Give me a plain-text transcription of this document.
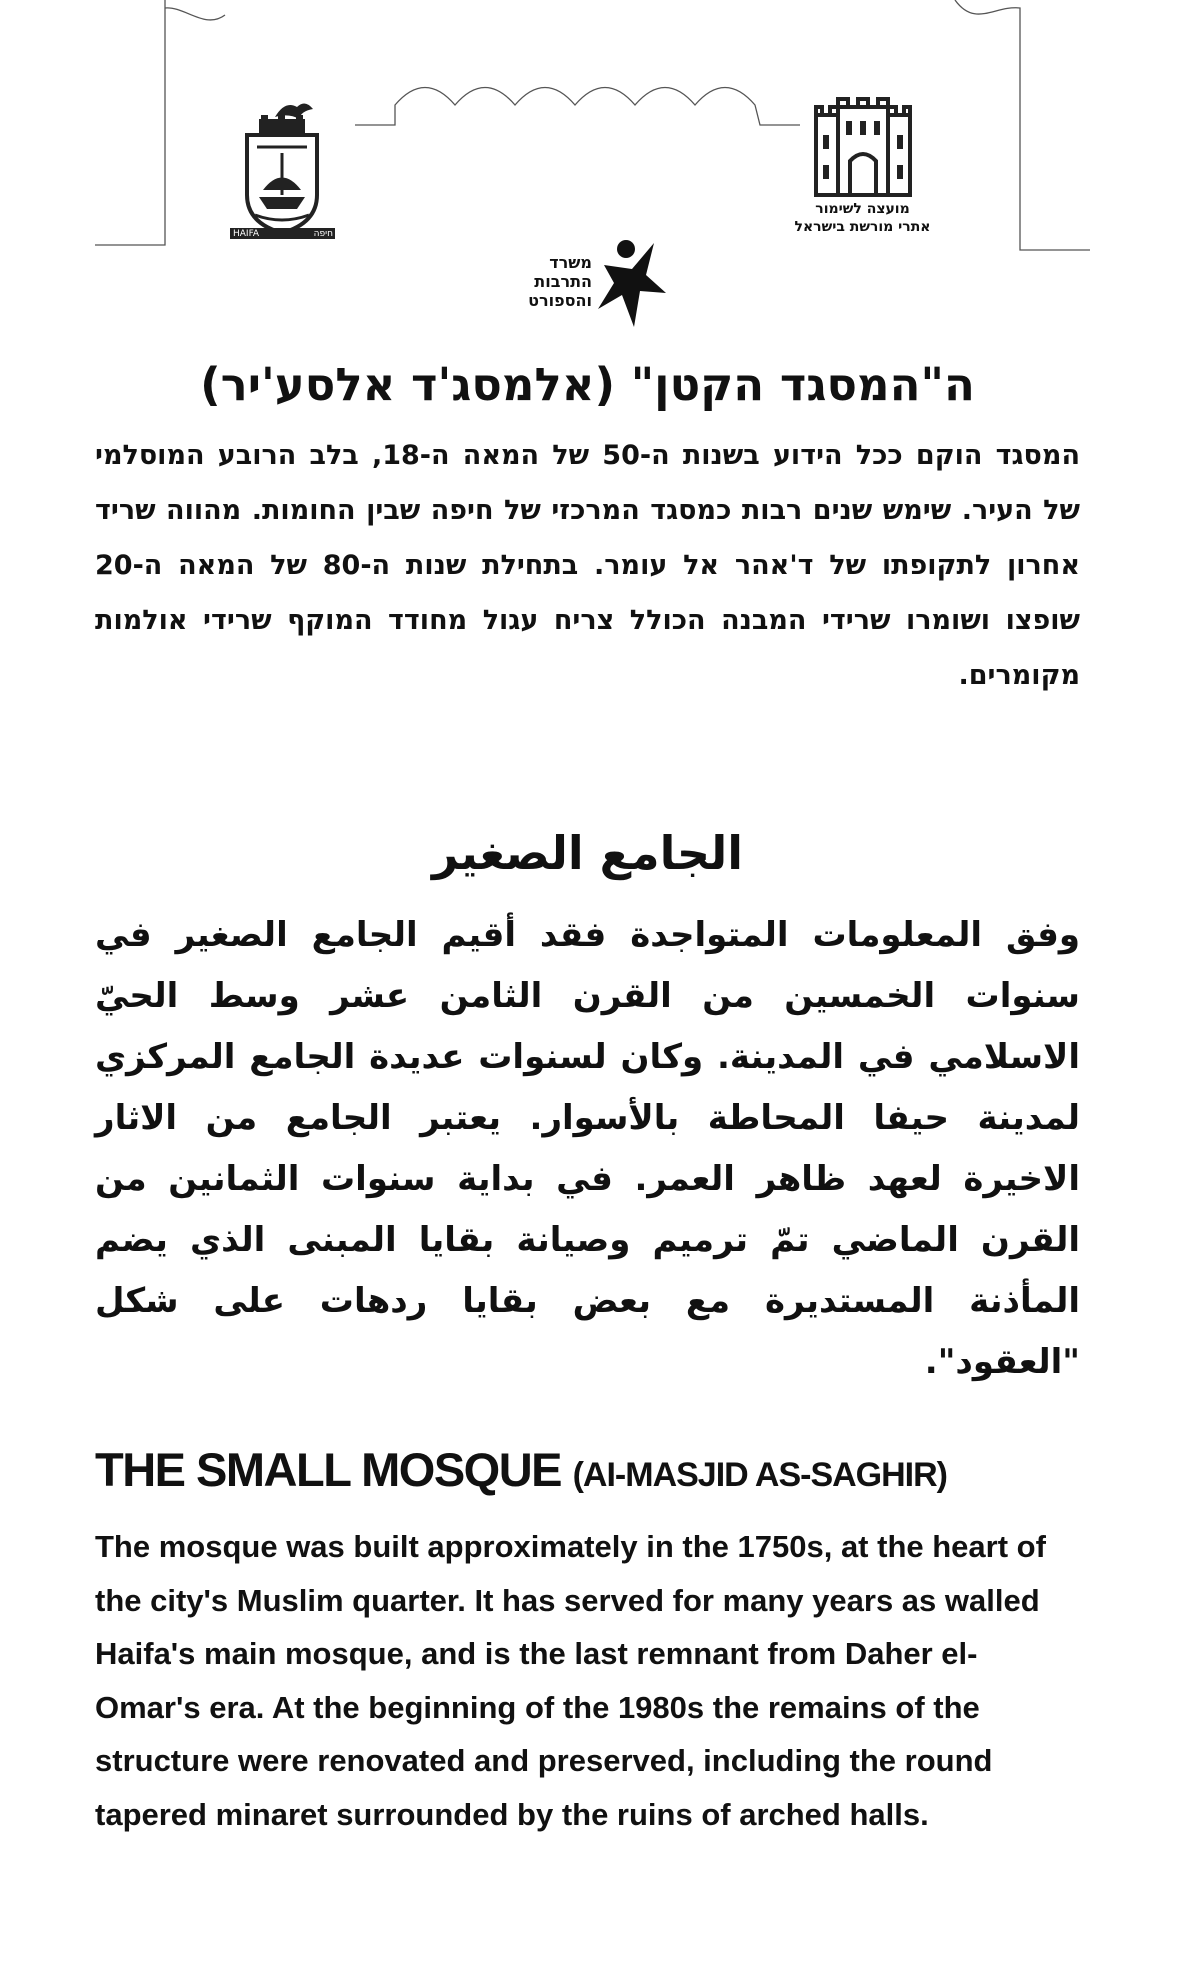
HAIFA	חיפה
מועצה לשימור
אתרי מורשת בישראל
משרד
התרבות
והספורט
ה"המסגד הקטן" (אלמסג'ד אלסע'יר)
המסגד הוקם ככל הידוע בשנות ה-50 של המאה ה-18, בלב הרובע המוסלמי של העיר. שימש שנים רבות כמסגד המרכזי של חיפה שבין החומות. מהווה שריד אחרון לתקופתו של ד'אהר אל עומר. בתחילת שנות ה-80 של המאה ה-20 שופצו ושומרו שרידי המבנה הכולל צריח עגול מחודד המוקף שרידי אולמות מקומרים.
الجامع الصغير
وفق المعلومات المتواجدة فقد أقيم الجامع الصغير في سنوات الخمسين من القرن الثامن عشر وسط الحيّ الاسلامي في المدينة. وكان لسنوات عديدة الجامع المركزي لمدينة حيفا المحاطة بالأسوار. يعتبر الجامع من الاثار الاخيرة لعهد ظاهر العمر. في بداية سنوات الثمانين من القرن الماضي تمّ ترميم وصيانة بقايا المبنى الذي يضم المأذنة المستديرة مع بعض بقايا ردهات على شكل "العقود".
THE SMALL MOSQUE (AI-MASJID AS-SAGHIR)
The mosque was built approximately in the 1750s, at the heart of the city's Muslim quarter. It has served for many years as walled Haifa's main mosque, and is the last remnant from Daher el-Omar's era. At the beginning of the 1980s the remains of the structure were renovated and preserved, including the round tapered minaret surrounded by the ruins of arched halls.
